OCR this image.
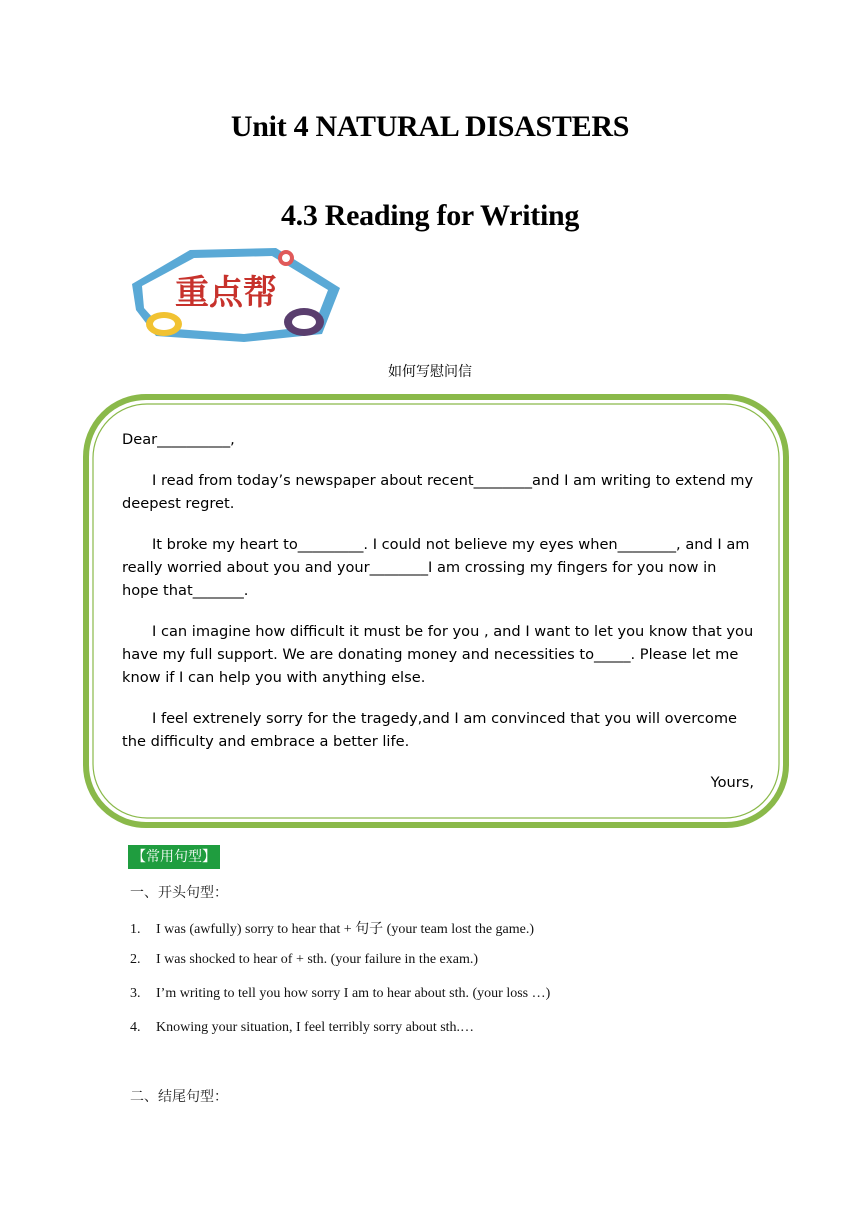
Unit 4 NATURAL DISASTERS
4.3 Reading for Writing
重点帮
如何写慰问信

Dear__________,

I read from today’s newspaper about recent________and I am writing to extend my deepest regret.

It broke my heart to_________. I could not believe my eyes when________, and I am really worried about you and your________I am crossing my fingers for you now in hope that_______.

I can imagine how difficult it must be for you , and I want to let you know that you have my full support. We are donating money and necessities to_____. Please let me know if I can help you with anything else.

I feel extrenely sorry for the tragedy,and I am convinced that you will overcome the difficulty and embrace a better life.

Yours,

【常用句型】
一、开头句型：
1. I was (awfully) sorry to hear that + 句子 (your team lost the game.)
2. I was shocked to hear of + sth. (your failure in the exam.)
3. I’m writing to tell you how sorry I am to hear about sth. (your loss …)
4. Knowing your situation, I feel terribly sorry about sth.…
二、结尾句型：
